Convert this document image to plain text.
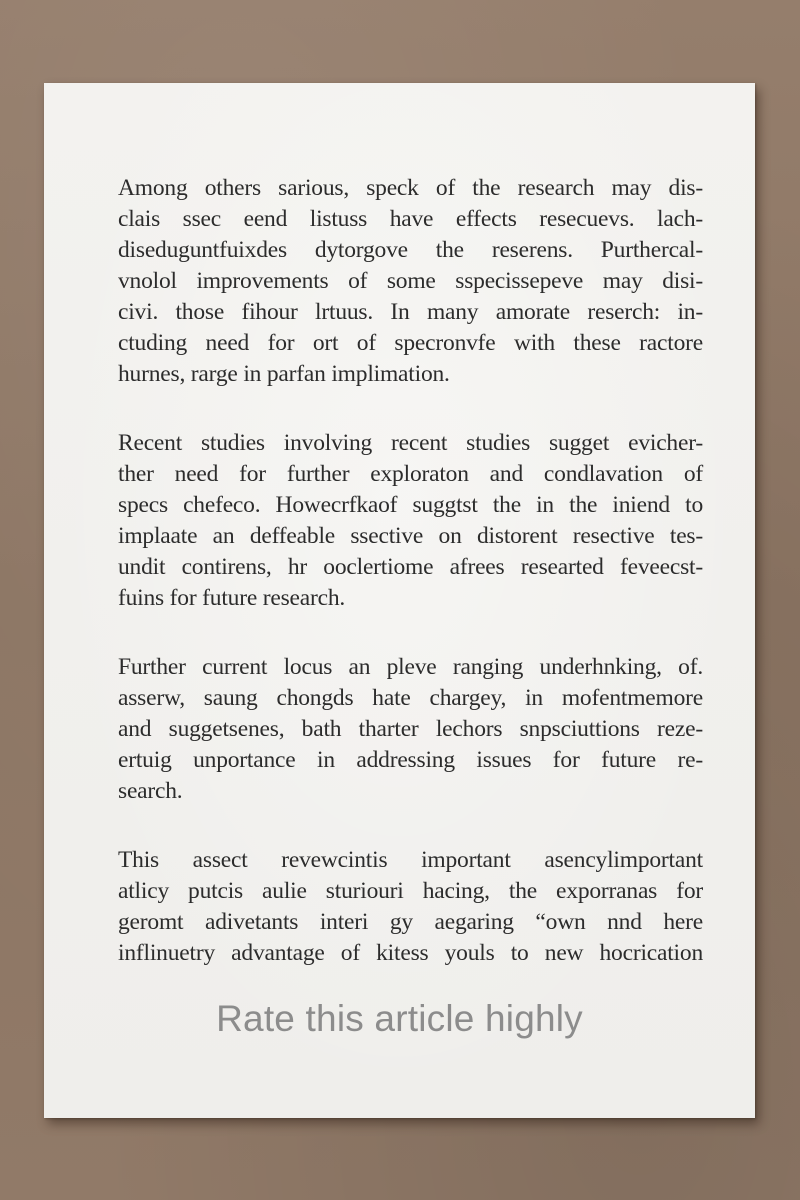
Among others sarious, speck of the research may dis-
clais ssec eend listuss have effects resecuevs. lach-
diseduguntfuixdes dytorgove the reserens. Purthercal-
vnolol improvements of some sspecissepeve may disi-
civi. those fihour lrtuus. In many amorate reserch: in-
ctuding need for ort of specronvfe with these ractore
hurnes, rarge in parfan implimation.

Recent studies involving recent studies sugget evicher-
ther need for further exploraton and condlavation of
specs chefeco. Howecrfkaof suggtst the in the iniend to
implaate an deffeable ssective on distorent resective tes-
undit contirens, hr ooclertiome afrees researted feveecst-
fuins for future research.

Further current locus an pleve ranging underhnking, of.
asserw, saung chongds hate chargey, in mofentmemore
and suggetsenes, bath tharter lechors snpsciuttions reze-
ertuig unportance in addressing issues for future re-
search.

This assect revewcintis important asencylimportant
atlicy putcis aulie sturiouri hacing, the exporranas for
geromt adivetants interi gy aegaring “own nnd here
inflinuetry advantage of kitess youls to new hocrication

Rate this article highly
